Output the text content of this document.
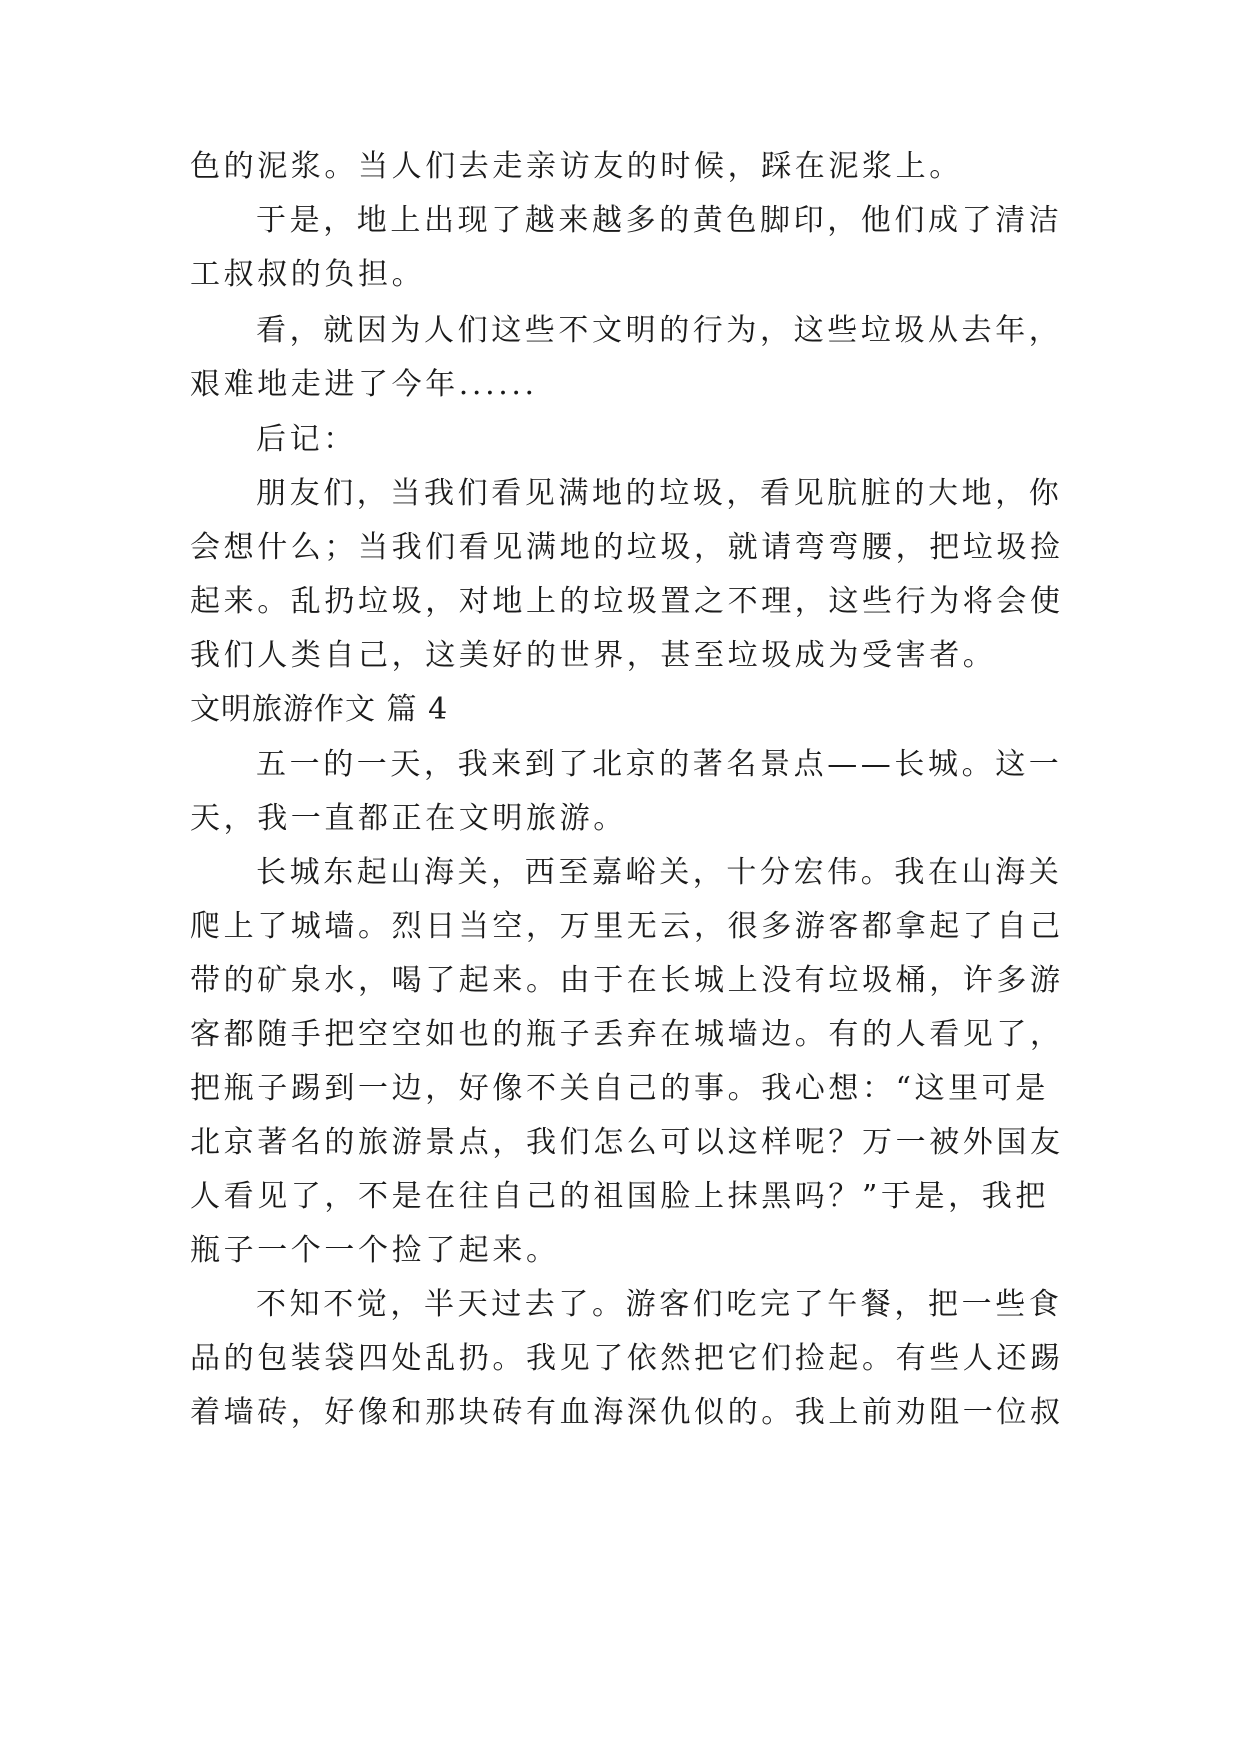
色的泥浆。当人们去走亲访友的时候，踩在泥浆上。
于是，地上出现了越来越多的黄色脚印，他们成了清洁
工叔叔的负担。
看，就因为人们这些不文明的行为，这些垃圾从去年，
艰难地走进了今年......
后记：
朋友们，当我们看见满地的垃圾，看见肮脏的大地，你
会想什么；当我们看见满地的垃圾，就请弯弯腰，把垃圾捡
起来。乱扔垃圾，对地上的垃圾置之不理，这些行为将会使
我们人类自己，这美好的世界，甚至垃圾成为受害者。
文明旅游作文 篇 4
五一的一天，我来到了北京的著名景点——长城。这一
天，我一直都正在文明旅游。
长城东起山海关，西至嘉峪关，十分宏伟。我在山海关
爬上了城墙。烈日当空，万里无云，很多游客都拿起了自己
带的矿泉水，喝了起来。由于在长城上没有垃圾桶，许多游
客都随手把空空如也的瓶子丢弃在城墙边。有的人看见了，
把瓶子踢到一边，好像不关自己的事。我心想：“这里可是
北京著名的旅游景点，我们怎么可以这样呢？万一被外国友
人看见了，不是在往自己的祖国脸上抹黑吗？”于是，我把
瓶子一个一个捡了起来。
不知不觉，半天过去了。游客们吃完了午餐，把一些食
品的包装袋四处乱扔。我见了依然把它们捡起。有些人还踢
着墙砖，好像和那块砖有血海深仇似的。我上前劝阻一位叔
